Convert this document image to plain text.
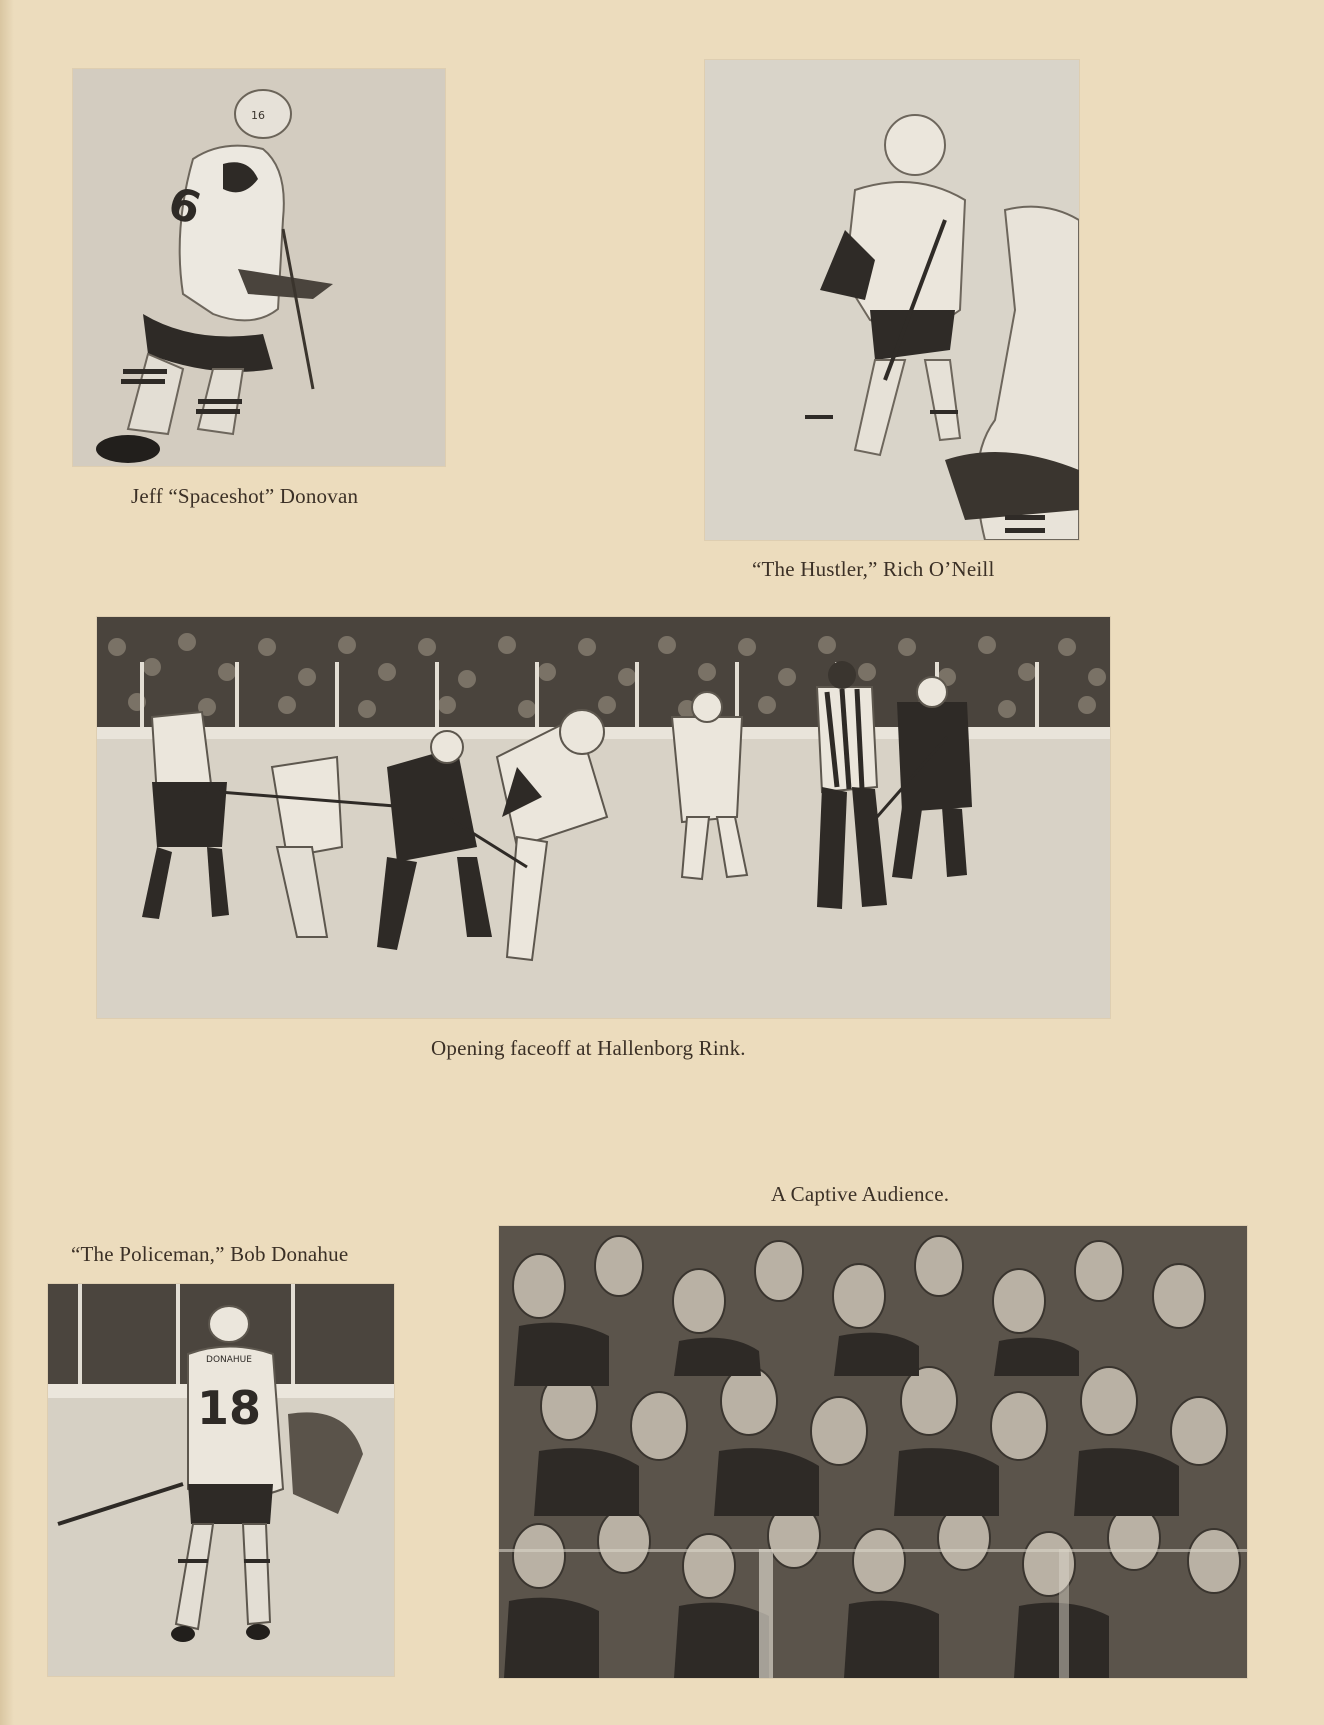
16
6
Jeff “Spaceshot” Donovan
“The Hustler,” Rich O’Neill
Opening faceoff at Hallenborg Rink.
A Captive Audience.
“The Policeman,” Bob Donahue
DONAHUE
18
